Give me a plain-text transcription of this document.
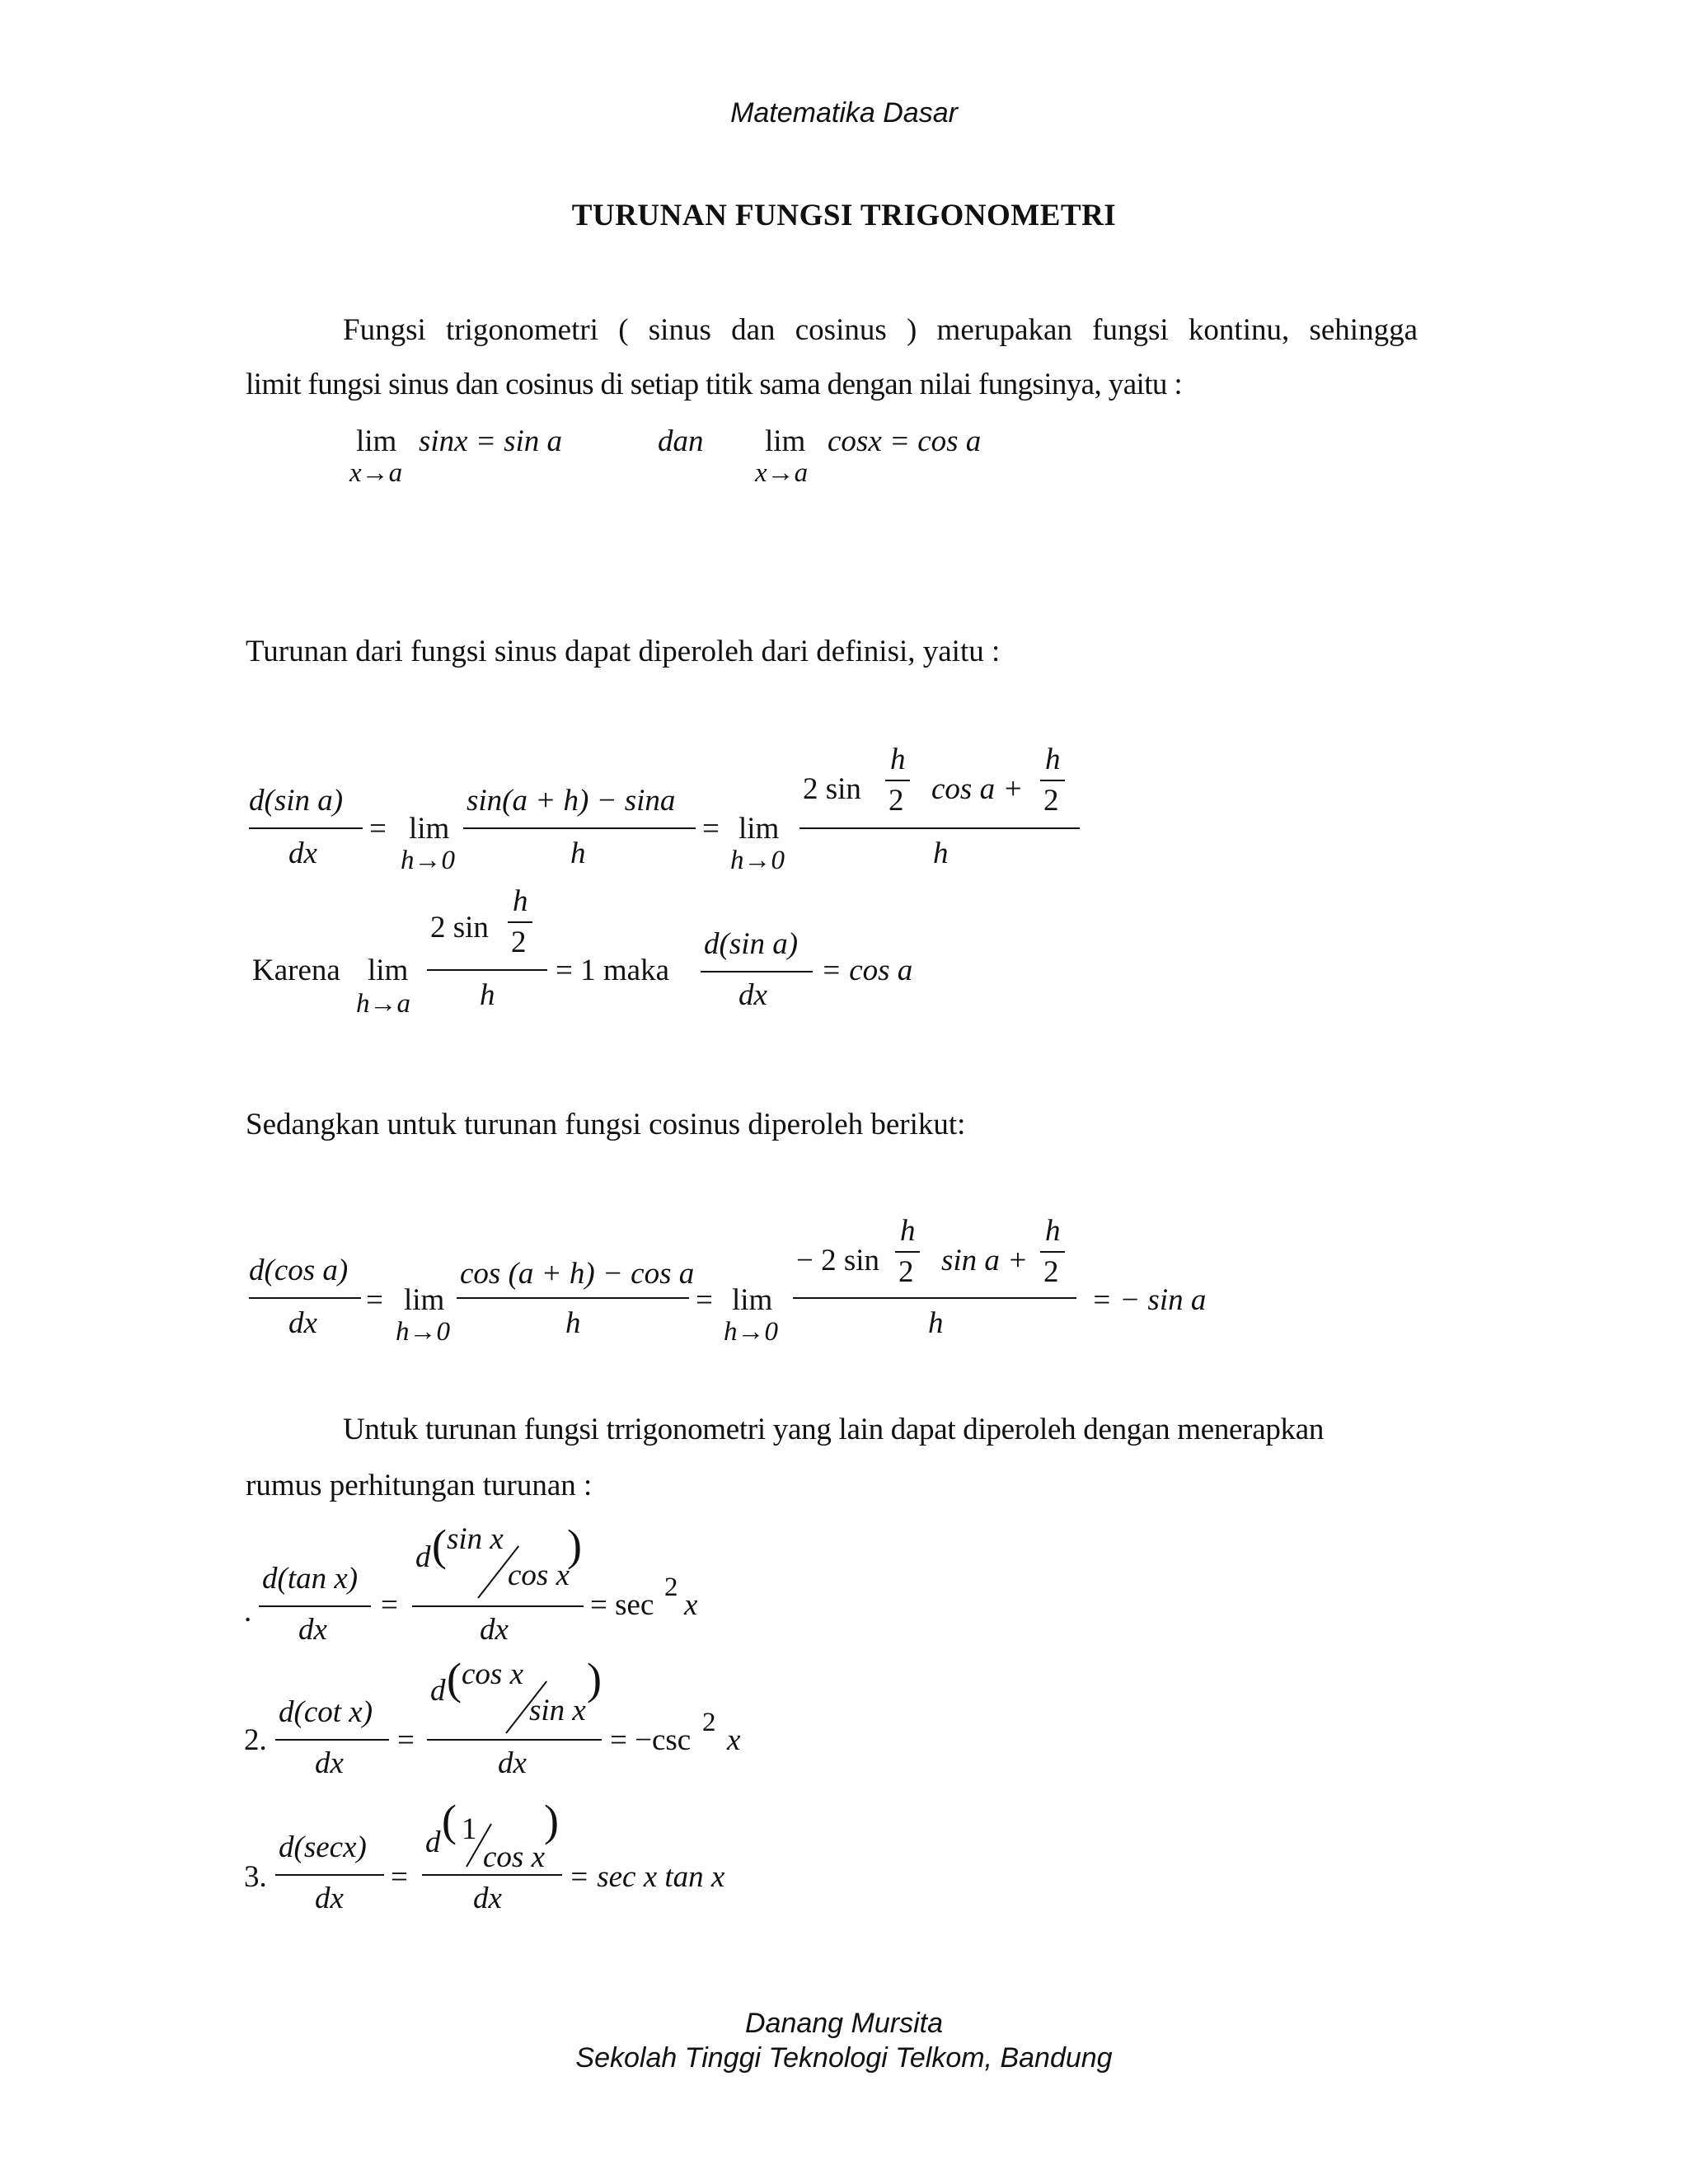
Matematika Dasar
TURUNAN FUNGSI TRIGONOMETRI
Fungsi trigonometri ( sinus dan cosinus ) merupakan fungsi kontinu, sehingga
limit fungsi sinus dan cosinus di setiap titik sama dengan nilai fungsinya, yaitu :
lim sinx = sin a
x→a
dan lim cosx = cos a
x→a
Turunan dari fungsi sinus dapat diperoleh dari definisi, yaitu :
d(sin a)
dx
= lim
h→0
sin(a + h) − sina
h
= lim
h→0
2 sin
h
2 cos a +
h
2
h
Karena lim
h→a
2 sin
h
2
h
= 1 maka
d(sin a)
dx
= cos a
Sedangkan untuk turunan fungsi cosinus diperoleh berikut:
d(cos a)
dx
= lim
h→0
cos (a + h) − cos a
h
= lim
h→0
− 2 sin
h
2 sin a +
h
2
h
= − sin a
Untuk turunan fungsi trrigonometri yang lain dapat diperoleh dengan menerapkan
rumus perhitungan turunan :
.
d(tan x)
dx
=
d ( sin x
cos x
)
dx
= sec
2
x
2.
d(cot x)
dx
=
d ( cos x
sin x
)
dx
= −csc
2
x
3.
d(secx)
dx
=
d ( 1
cos x
)
dx
= sec x tan x
Danang Mursita
Sekolah Tinggi Teknologi Telkom, Bandung
